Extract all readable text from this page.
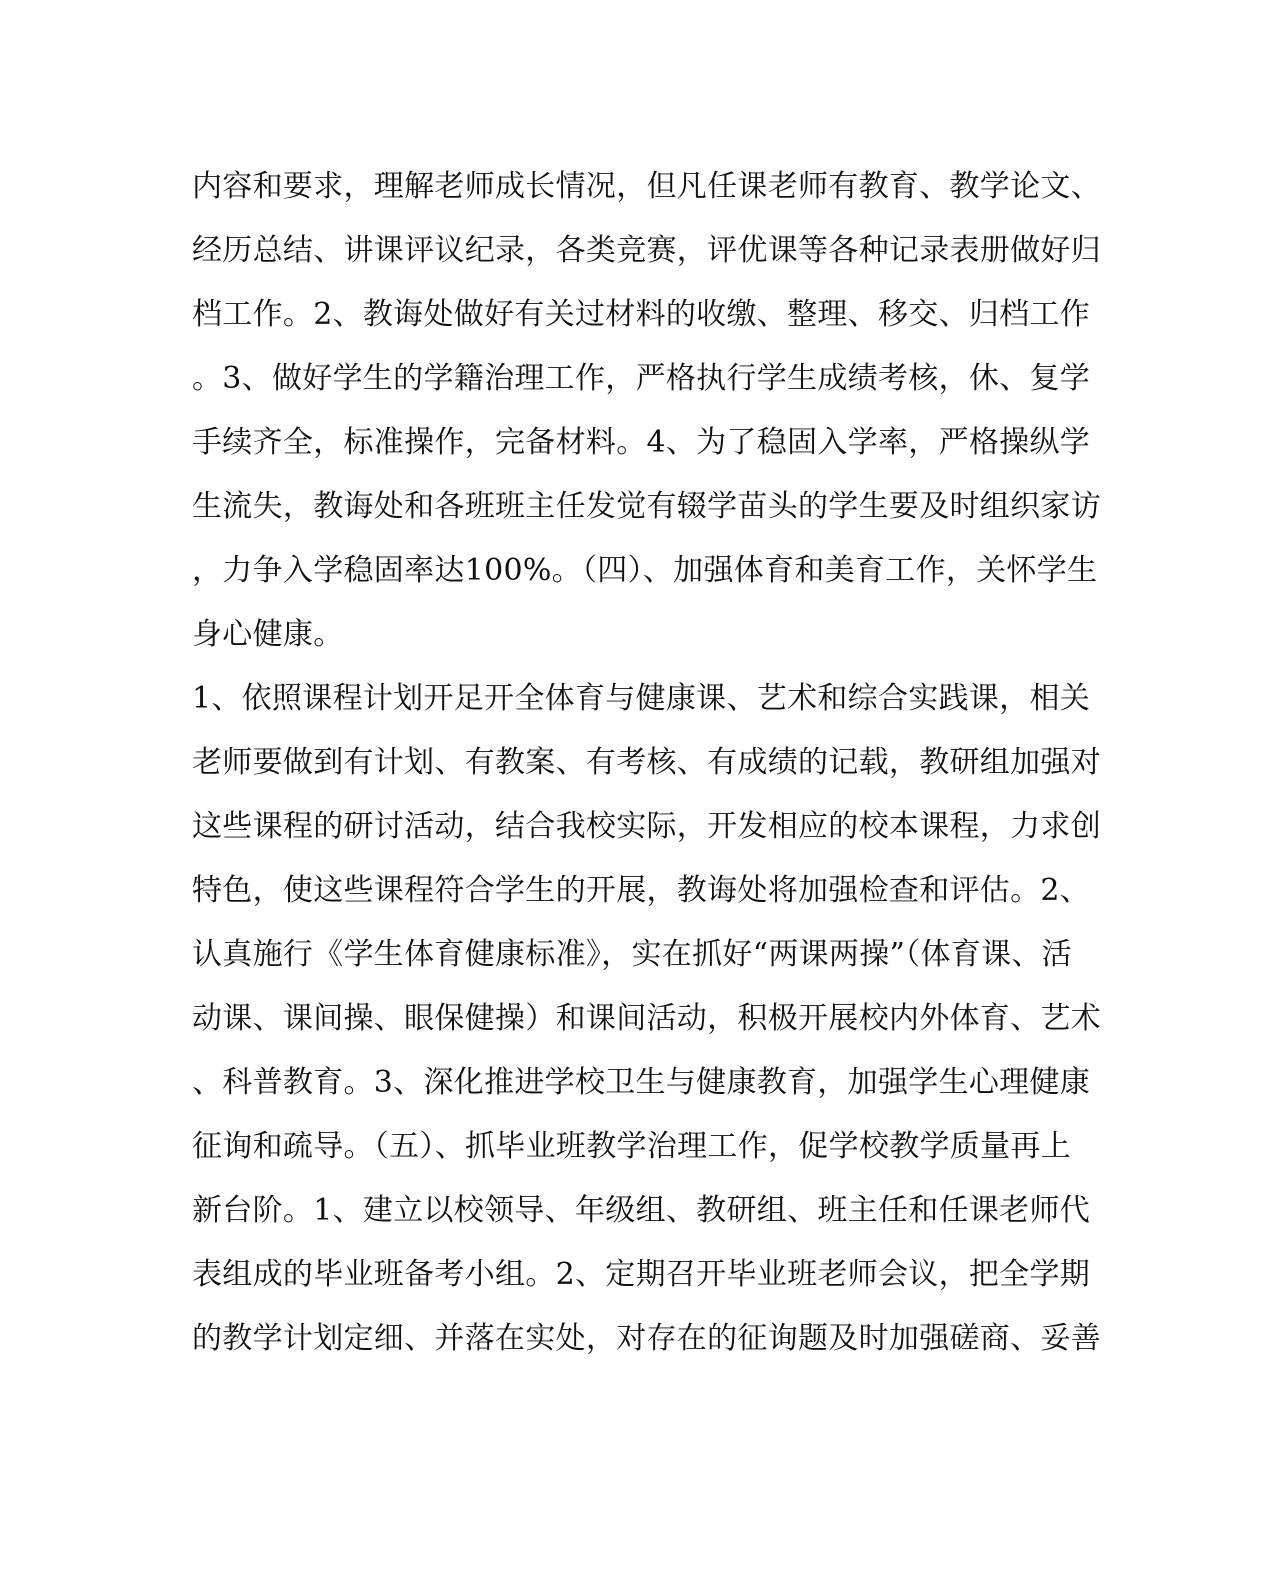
内容和要求，理解老师成长情况，但凡任课老师有教育、教学论文、
经历总结、讲课评议纪录，各类竞赛，评优课等各种记录表册做好归
档工作。2、教诲处做好有关过材料的收缴、整理、移交、归档工作
。3、做好学生的学籍治理工作，严格执行学生成绩考核，休、复学
手续齐全，标准操作，完备材料。4、为了稳固入学率，严格操纵学
生流失，教诲处和各班班主任发觉有辍学苗头的学生要及时组织家访
，力争入学稳固率达100%。（四）、加强体育和美育工作，关怀学生
身心健康。
1、依照课程计划开足开全体育与健康课、艺术和综合实践课，相关
老师要做到有计划、有教案、有考核、有成绩的记载，教研组加强对
这些课程的研讨活动，结合我校实际，开发相应的校本课程，力求创
特色，使这些课程符合学生的开展，教诲处将加强检查和评估。2、
认真施行《学生体育健康标准》，实在抓好“两课两操”（体育课、活
动课、课间操、眼保健操）和课间活动，积极开展校内外体育、艺术
、科普教育。3、深化推进学校卫生与健康教育，加强学生心理健康
征询和疏导。（五）、抓毕业班教学治理工作，促学校教学质量再上
新台阶。1、建立以校领导、年级组、教研组、班主任和任课老师代
表组成的毕业班备考小组。2、定期召开毕业班老师会议，把全学期
的教学计划定细、并落在实处，对存在的征询题及时加强磋商、妥善
